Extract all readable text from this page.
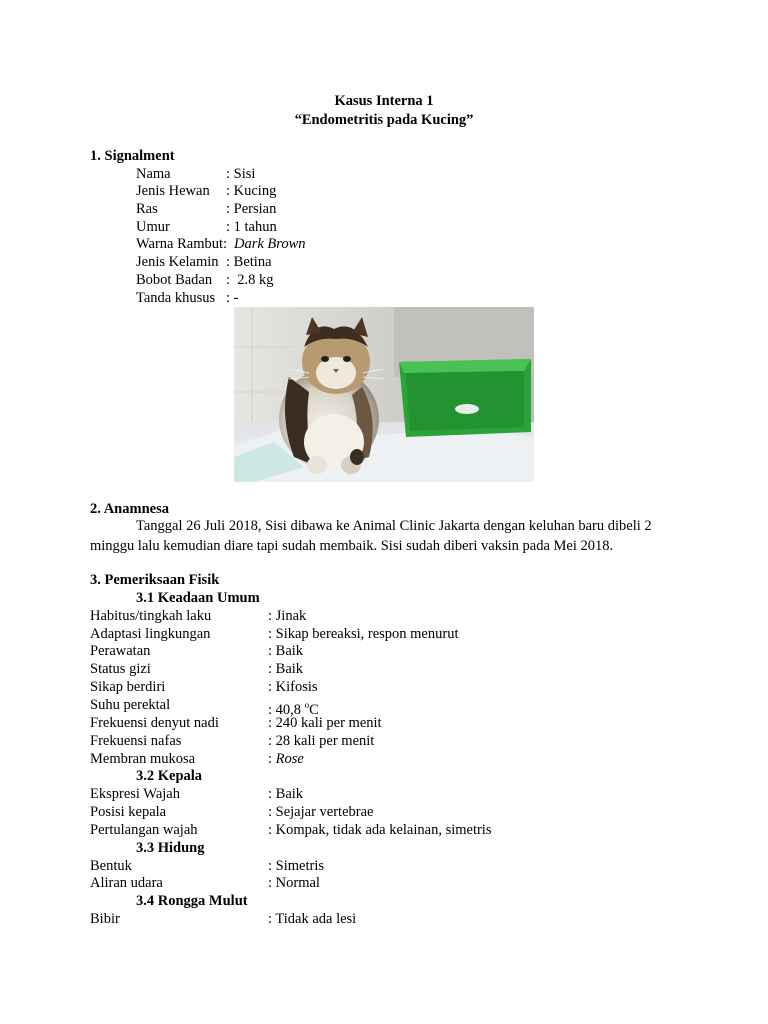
Kasus Interna 1
“Endometritis pada Kucing”
1. Signalment
Nama	: Sisi
Jenis Hewan : Kucing
Ras	: Persian
Umur	: 1 tahun
Warna Rambut: Dark Brown
Jenis Kelamin : Betina
Bobot Badan :  2.8 kg
Tanda khusus : -
2. Anamnesa
Tanggal 26 Juli 2018, Sisi dibawa ke Animal Clinic Jakarta dengan keluhan baru dibeli 2
minggu lalu kemudian diare tapi sudah membaik. Sisi sudah diberi vaksin pada Mei 2018.
3. Pemeriksaan Fisik
3.1 Keadaan Umum
Habitus/tingkah laku	: Jinak
Adaptasi lingkungan	: Sikap bereaksi, respon menurut
Perawatan	: Baik
Status gizi	: Baik
Sikap berdiri	: Kifosis
Suhu perektal	: 40,8 $^o$C
Frekuensi denyut nadi	: 240 kali per menit
Frekuensi nafas	: 28 kali per menit
Membran mukosa	: Rose
3.2 Kepala
Ekspresi Wajah	: Baik
Posisi kepala	: Sejajar vertebrae
Pertulangan wajah	: Kompak, tidak ada kelainan, simetris
3.3 Hidung
Bentuk	: Simetris
Aliran udara	: Normal
3.4 Rongga Mulut
Bibir	: Tidak ada lesi
